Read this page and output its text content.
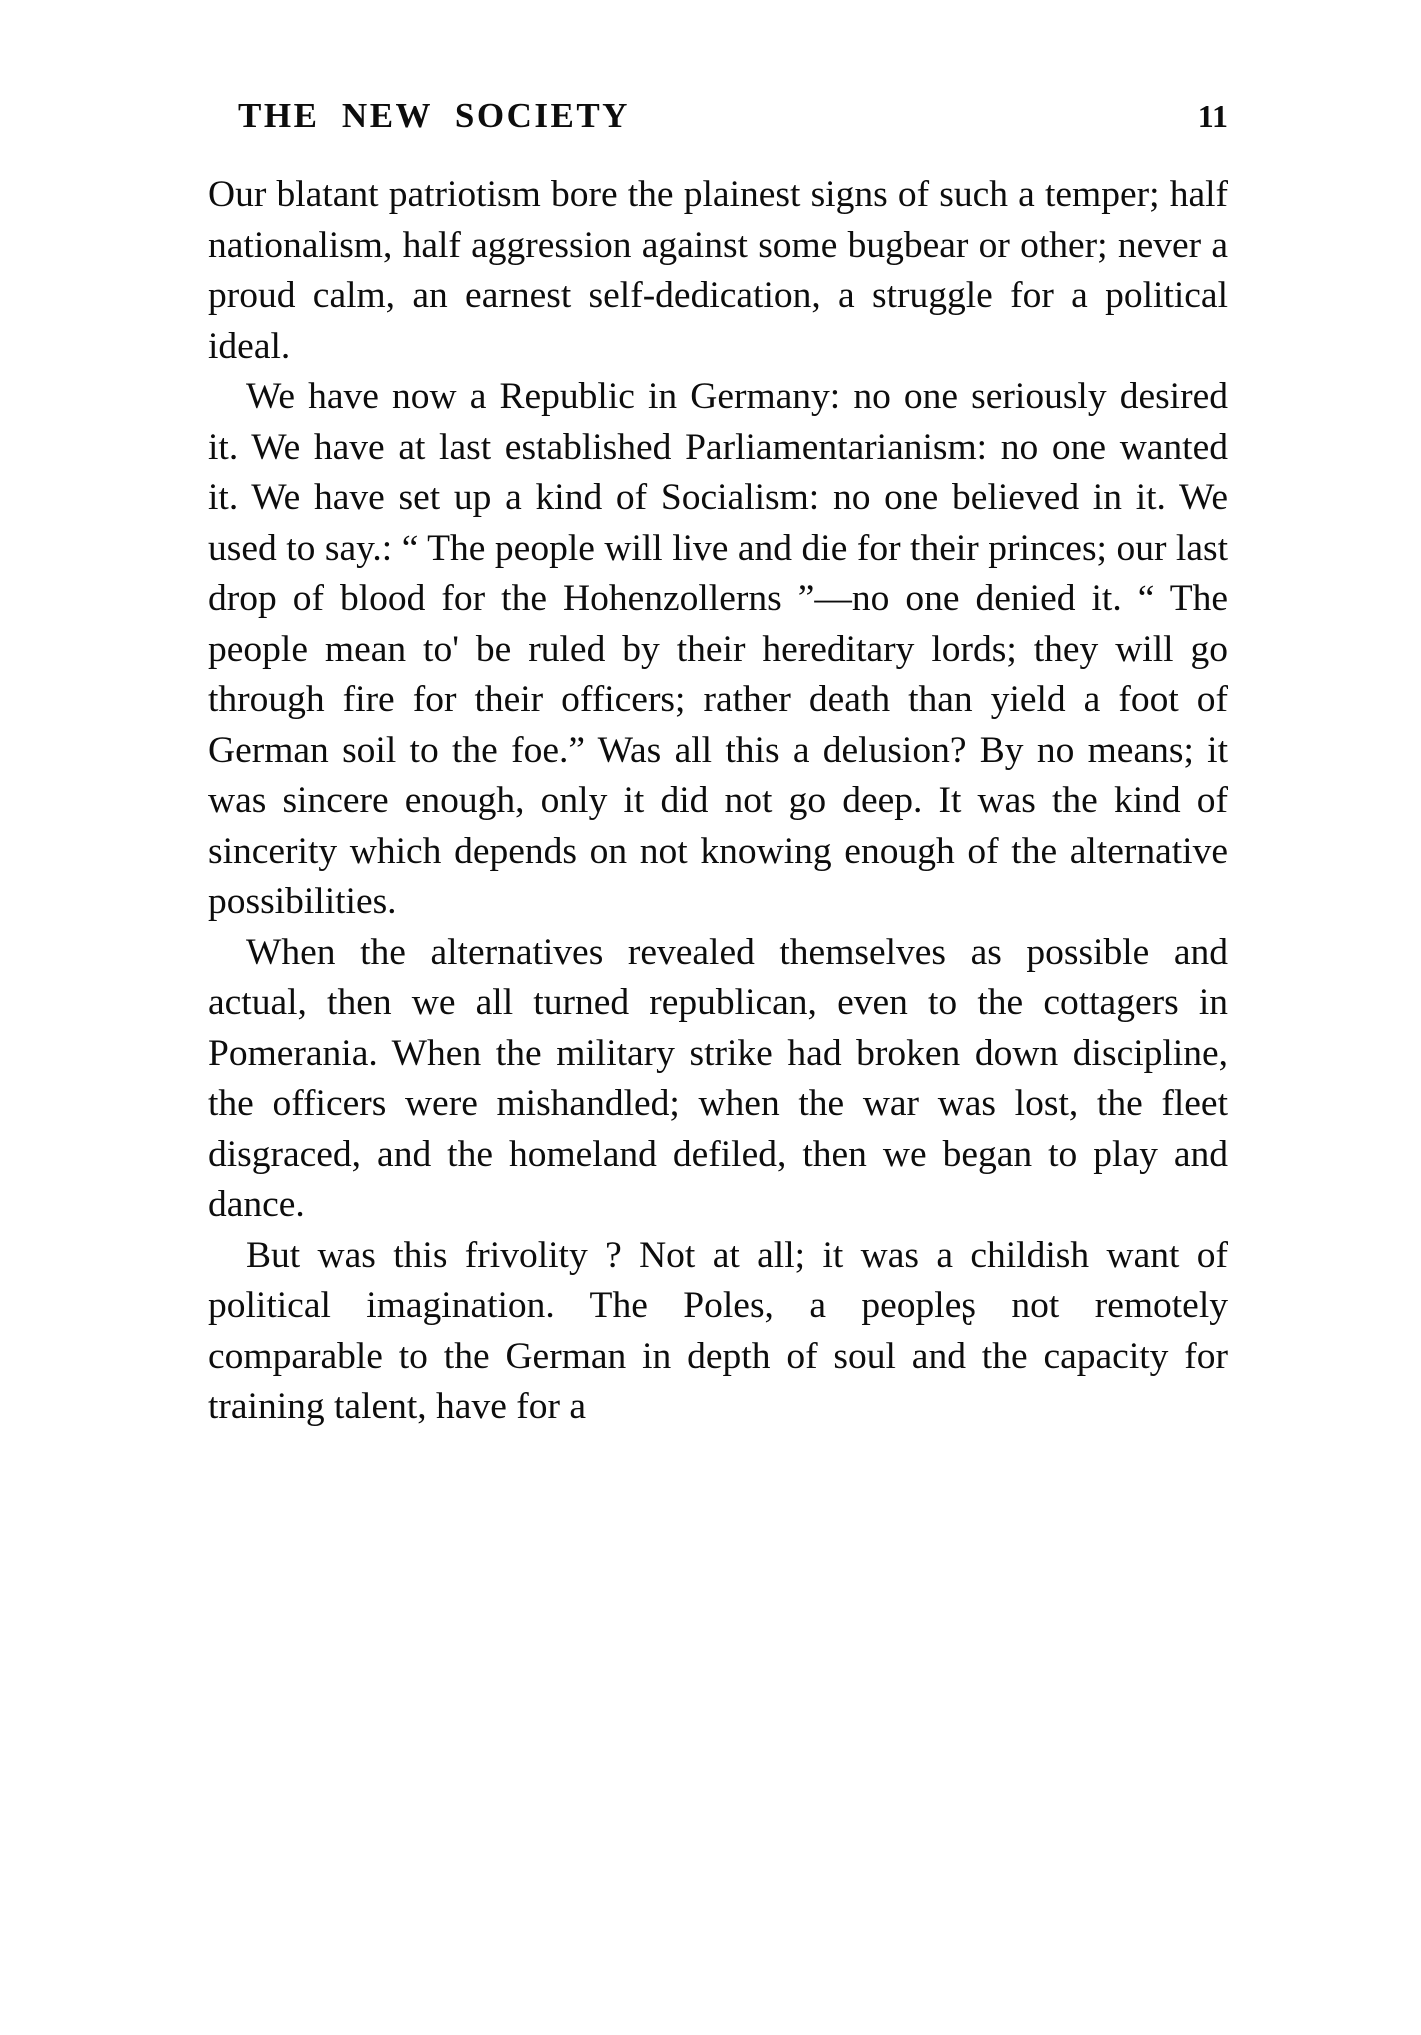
THE  NEW  SOCIETY	11

Our blatant patriotism bore the plainest signs of such a temper; half nationalism, half aggression against some bugbear or other; never a proud calm, an earnest self-dedication, a struggle for a political ideal.

We have now a Republic in Germany: no one seriously desired it. We have at last established Parliamentarianism: no one wanted it. We have set up a kind of Socialism: no one believed in it. We used to say.: “ The people will live and die for their princes; our last drop of blood for the Hohenzollerns ”—no one denied it. “ The people mean to' be ruled by their hereditary lords; they will go through fire for their officers; rather death than yield a foot of German soil to the foe.” Was all this a delusion? By no means; it was sincere enough, only it did not go deep. It was the kind of sincerity which depends on not knowing enough of the alternative possibilities.

When the alternatives revealed themselves as possible and actual, then we all turned republican, even to the cottagers in Pomerania. When the military strike had broken down discipline, the officers were mishandled; when the war was lost, the fleet disgraced, and the homeland defiled, then we began to play and dance.

But was this frivolity ? Not at all; it was a childish want of political imagination. The Poles, a peopleʂ not remotely comparable to the German in depth of soul and the capacity for training talent, have for a
